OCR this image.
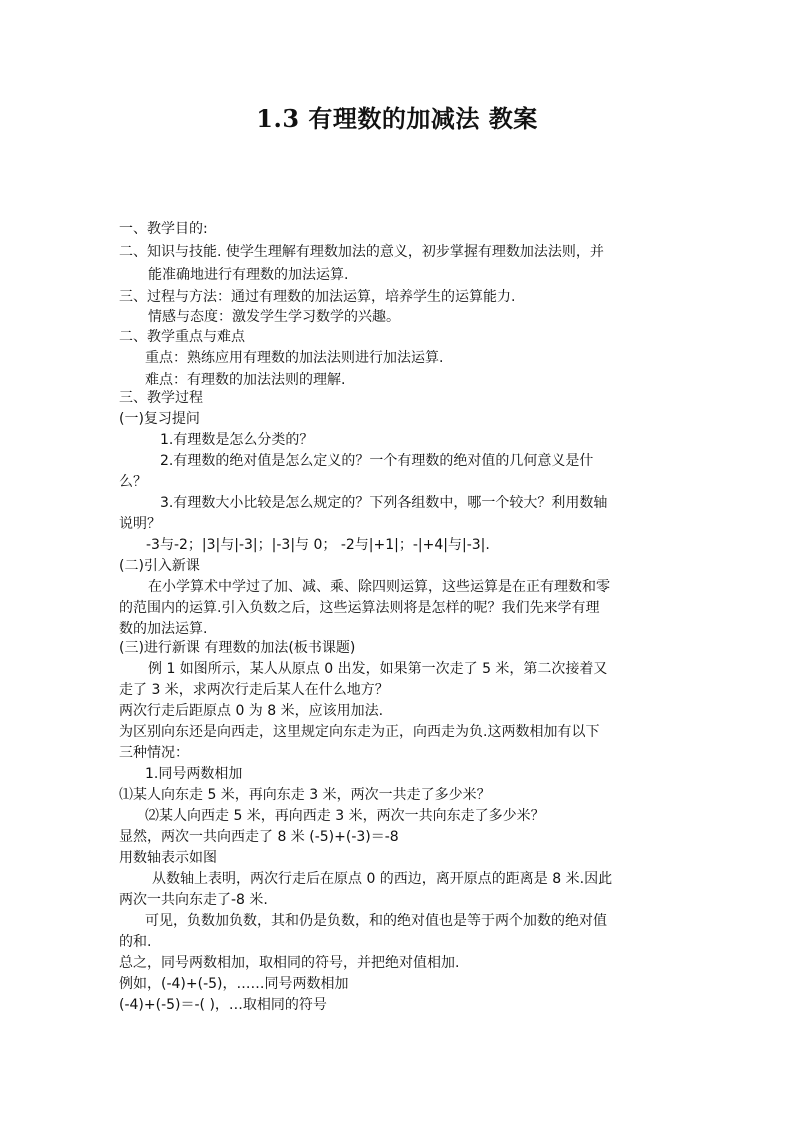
1.3 有理数的加减法 教案
一、教学目的:
二、知识与技能. 使学生理解有理数加法的意义，初步掌握有理数加法法则，并
能准确地进行有理数的加法运算.
三、过程与方法：通过有理数的加法运算，培养学生的运算能力.
情感与态度：激发学生学习数学的兴趣。
二、教学重点与难点
重点：熟练应用有理数的加法法则进行加法运算.
难点：有理数的加法法则的理解.
三、教学过程
(一)复习提问
1.有理数是怎么分类的？
2.有理数的绝对值是怎么定义的？一个有理数的绝对值的几何意义是什
么？
3.有理数大小比较是怎么规定的？下列各组数中，哪一个较大？利用数轴
说明？
-3与-2；|3|与|-3|；|-3|与 0； -2与|+1|；-|+4|与|-3|.
(二)引入新课
在小学算术中学过了加、减、乘、除四则运算，这些运算是在正有理数和零
的范围内的运算.引入负数之后，这些运算法则将是怎样的呢？我们先来学有理
数的加法运算.
(三)进行新课 有理数的加法(板书课题)
例 1 如图所示，某人从原点 0 出发，如果第一次走了 5 米，第二次接着又
走了 3 米，求两次行走后某人在什么地方？
两次行走后距原点 0 为 8 米，应该用加法.
为区别向东还是向西走，这里规定向东走为正，向西走为负.这两数相加有以下
三种情况：
1.同号两数相加
⑴某人向东走 5 米，再向东走 3 米，两次一共走了多少米？
⑵某人向西走 5 米，再向西走 3 米，两次一共向东走了多少米？
显然，两次一共向西走了 8 米 (-5)+(-3)＝-8
用数轴表示如图
从数轴上表明，两次行走后在原点 0 的西边，离开原点的距离是 8 米.因此
两次一共向东走了-8 米.
可见，负数加负数，其和仍是负数，和的绝对值也是等于两个加数的绝对值
的和.
总之，同号两数相加，取相同的符号，并把绝对值相加.
例如，(-4)+(-5)，……同号两数相加
(-4)+(-5)＝-( )，…取相同的符号
